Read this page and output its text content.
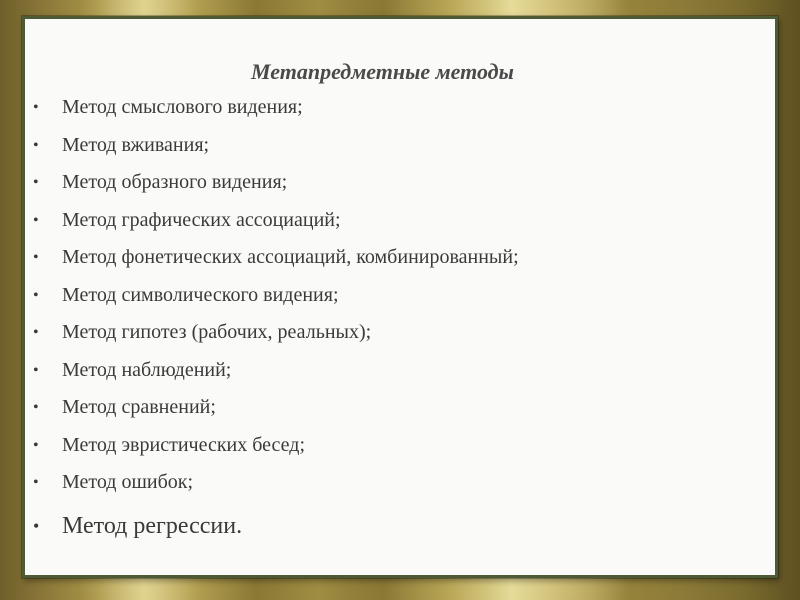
Метапредметные методы
• Метод смыслового видения;
• Метод вживания;
• Метод образного видения;
• Метод графических ассоциаций;
• Метод фонетических ассоциаций, комбинированный;
• Метод символического видения;
• Метод гипотез (рабочих, реальных);
• Метод наблюдений;
• Метод сравнений;
• Метод эвристических бесед;
• Метод ошибок;
• Метод регрессии.
